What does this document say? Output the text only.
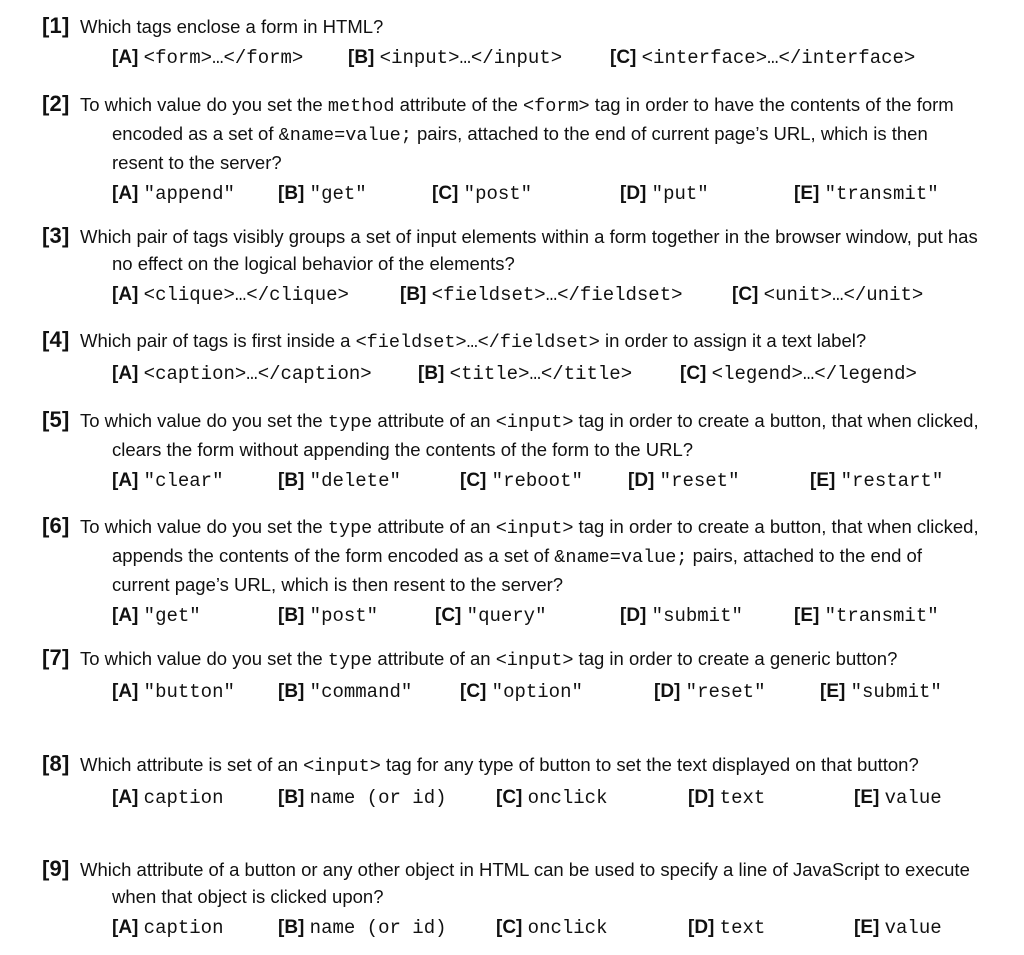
[1] Which tags enclose a form in HTML?
[A] <form>…</form> [B] <input>…</input>	[C] <interface>…</interface>
[2] To which value do you set the method attribute of the <form> tag in order to have the contents of the form encoded as a set of &name=value; pairs, attached to the end of current page’s URL, which is then resent to the server?
[A] "append" [B] "get"	[C] "post"	[D] "put"	[E] "transmit"
[3] Which pair of tags visibly groups a set of input elements within a form together in the browser window, put has no effect on the logical behavior of the elements?
[A] <clique>…</clique>	[B] <fieldset>…</fieldset>	[C] <unit>…</unit>
[4] Which pair of tags is first inside a <fieldset>…</fieldset> in order to assign it a text label?
[A] <caption>…</caption> [B] <title>…</title>	[C] <legend>…</legend>
[5] To which value do you set the type attribute of an <input> tag in order to create a button, that when clicked, clears the form without appending the contents of the form to the URL?
[A] "clear"	[B] "delete"	[C] "reboot" [D] "reset"	[E] "restart"
[6] To which value do you set the type attribute of an <input> tag in order to create a button, that when clicked, appends the contents of the form encoded as a set of &name=value; pairs, attached to the end of current page’s URL, which is then resent to the server?
[A] "get"	[B] "post"	[C] "query"	[D] "submit"	[E] "transmit"
[7] To which value do you set the type attribute of an <input> tag in order to create a generic button?
[A] "button" [B] "command"	[C] "option"	[D] "reset"	[E] "submit"
[8] Which attribute is set of an <input> tag for any type of button to set the text displayed on that button?
[A] caption	[B] name (or id)	[C] onclick	[D] text	[E] value
[9] Which attribute of a button or any other object in HTML can be used to specify a line of JavaScript to execute when that object is clicked upon?
[A] caption	[B] name (or id)	[C] onclick	[D] text	[E] value
